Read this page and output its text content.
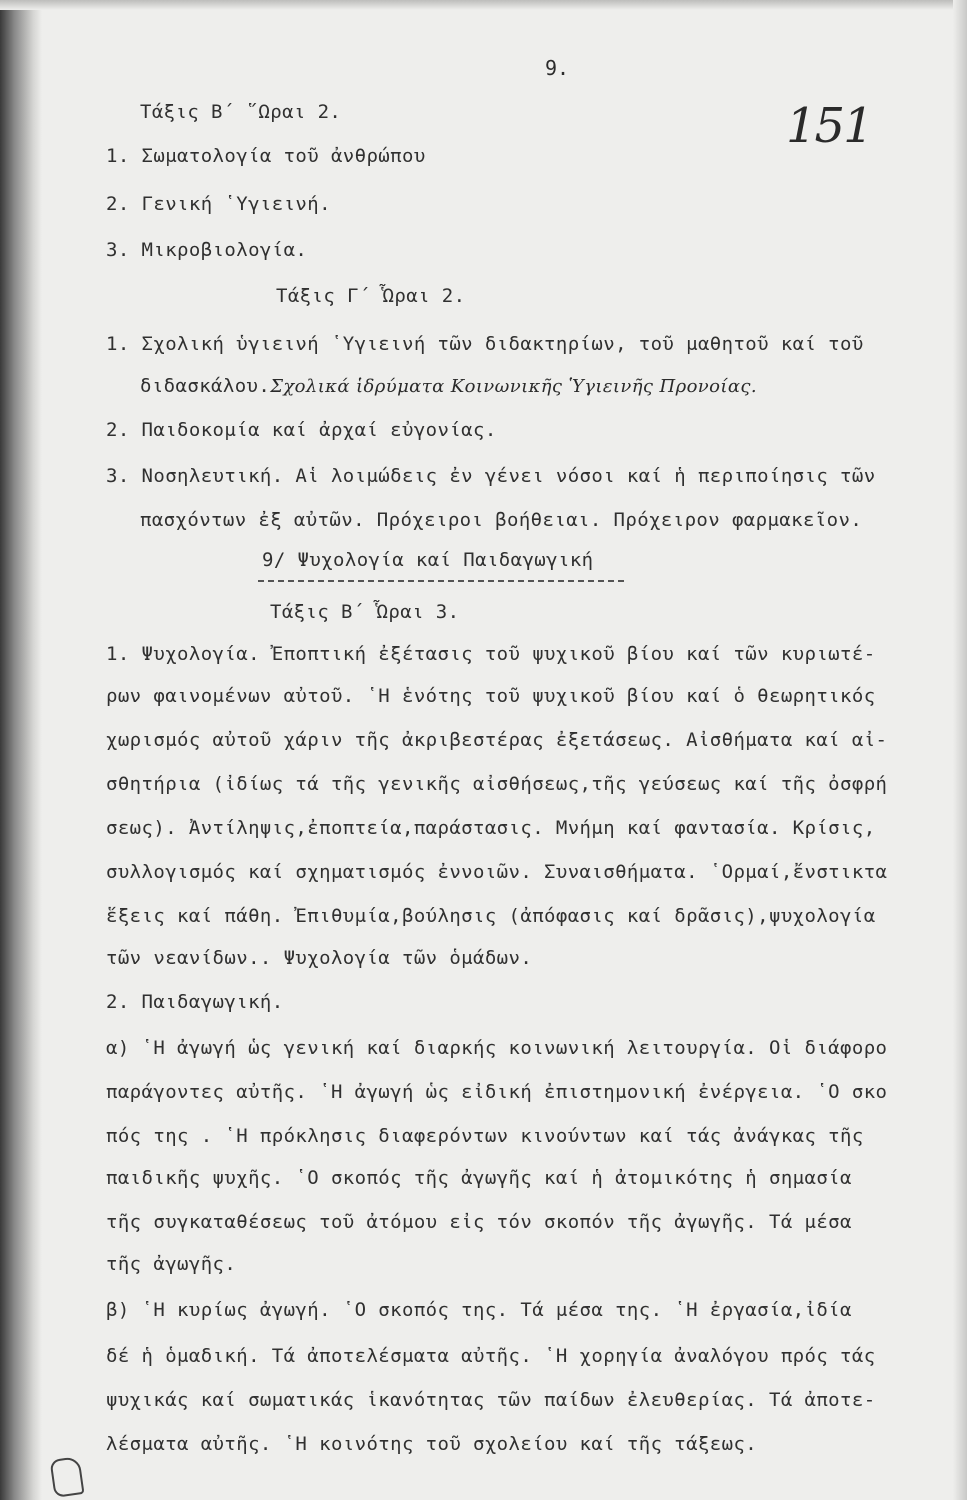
9.
151
Τάξις Β΄ ῞Ωραι 2.
1. Σωματολογία τοῦ ἀνθρώπου
2. Γενική ῾Υγιεινή.
3. Μικροβιολογία.
Τάξις Γ΄ Ὧραι 2.
1. Σχολική ὑγιεινή ῾Υγιεινή τῶν διδακτηρίων, τοῦ μαθητοῦ καί τοῦ
διδασκάλου.Σχολικά ἱδρύματα Κοινωνικῆς Ὑγιεινῆς Προνοίας.
2. Παιδοκομία καί ἀρχαί εὐγονίας.
3. Νοσηλευτική. Αἱ λοιμώδεις ἐν γένει νόσοι καί ἡ περιποίησις τῶν
πασχόντων ἐξ αὐτῶν. Πρόχειροι βοήθειαι. Πρόχειρον φαρμακεῖον.
9/ Ψυχολογία καί Παιδαγωγική
Τάξις Β΄ Ὧραι 3.
1. Ψυχολογία. Ἐποπτική ἐξέτασις τοῦ ψυχικοῦ βίου καί τῶν κυριωτέ-
ρων φαινομένων αὐτοῦ. ῾Η ἑνότης τοῦ ψυχικοῦ βίου καί ὁ θεωρητικός
χωρισμός αὐτοῦ χάριν τῆς ἀκριβεστέρας ἐξετάσεως. Αἰσθήματα καί αἰ-
σθητήρια (ἰδίως τά τῆς γενικῆς αἰσθήσεως,τῆς γεύσεως καί τῆς ὀσφρή
σεως). Ἀντίληψις,ἐποπτεία,παράστασις. Μνήμη καί φαντασία. Κρίσις,
συλλογισμός καί σχηματισμός ἐννοιῶν. Συναισθήματα. ῾Ορμαί,ἔνστικτα
ἕξεις καί πάθη. Ἐπιθυμία,βούλησις (ἀπόφασις καί δρᾶσις),ψυχολογία
τῶν νεανίδων.. Ψυχολογία τῶν ὁμάδων.
2. Παιδαγωγική.
α) ῾Η ἀγωγή ὡς γενική καί διαρκής κοινωνική λειτουργία. Οἱ διάφορο
παράγοντες αὐτῆς. ῾Η ἀγωγή ὡς εἰδική ἐπιστημονική ἐνέργεια. ῾Ο σκο
πός της . ῾Η πρόκλησις διαφερόντων κινούντων καί τάς ἀνάγκας τῆς
παιδικῆς ψυχῆς. ῾Ο σκοπός τῆς ἀγωγῆς καί ἡ ἀτομικότης ἡ σημασία
τῆς συγκαταθέσεως τοῦ ἀτόμου εἰς τόν σκοπόν τῆς ἀγωγῆς. Τά μέσα
τῆς ἀγωγῆς.
β) ῾Η κυρίως ἀγωγή. ῾Ο σκοπός της. Τά μέσα της. ῾Η ἐργασία,ἰδία
δέ ἡ ὁμαδική. Τά ἀποτελέσματα αὐτῆς. ῾Η χορηγία ἀναλόγου πρός τάς
ψυχικάς καί σωματικάς ἱκανότητας τῶν παίδων ἐλευθερίας. Τά ἀποτε-
λέσματα αὐτῆς. ῾Η κοινότης τοῦ σχολείου καί τῆς τάξεως.
